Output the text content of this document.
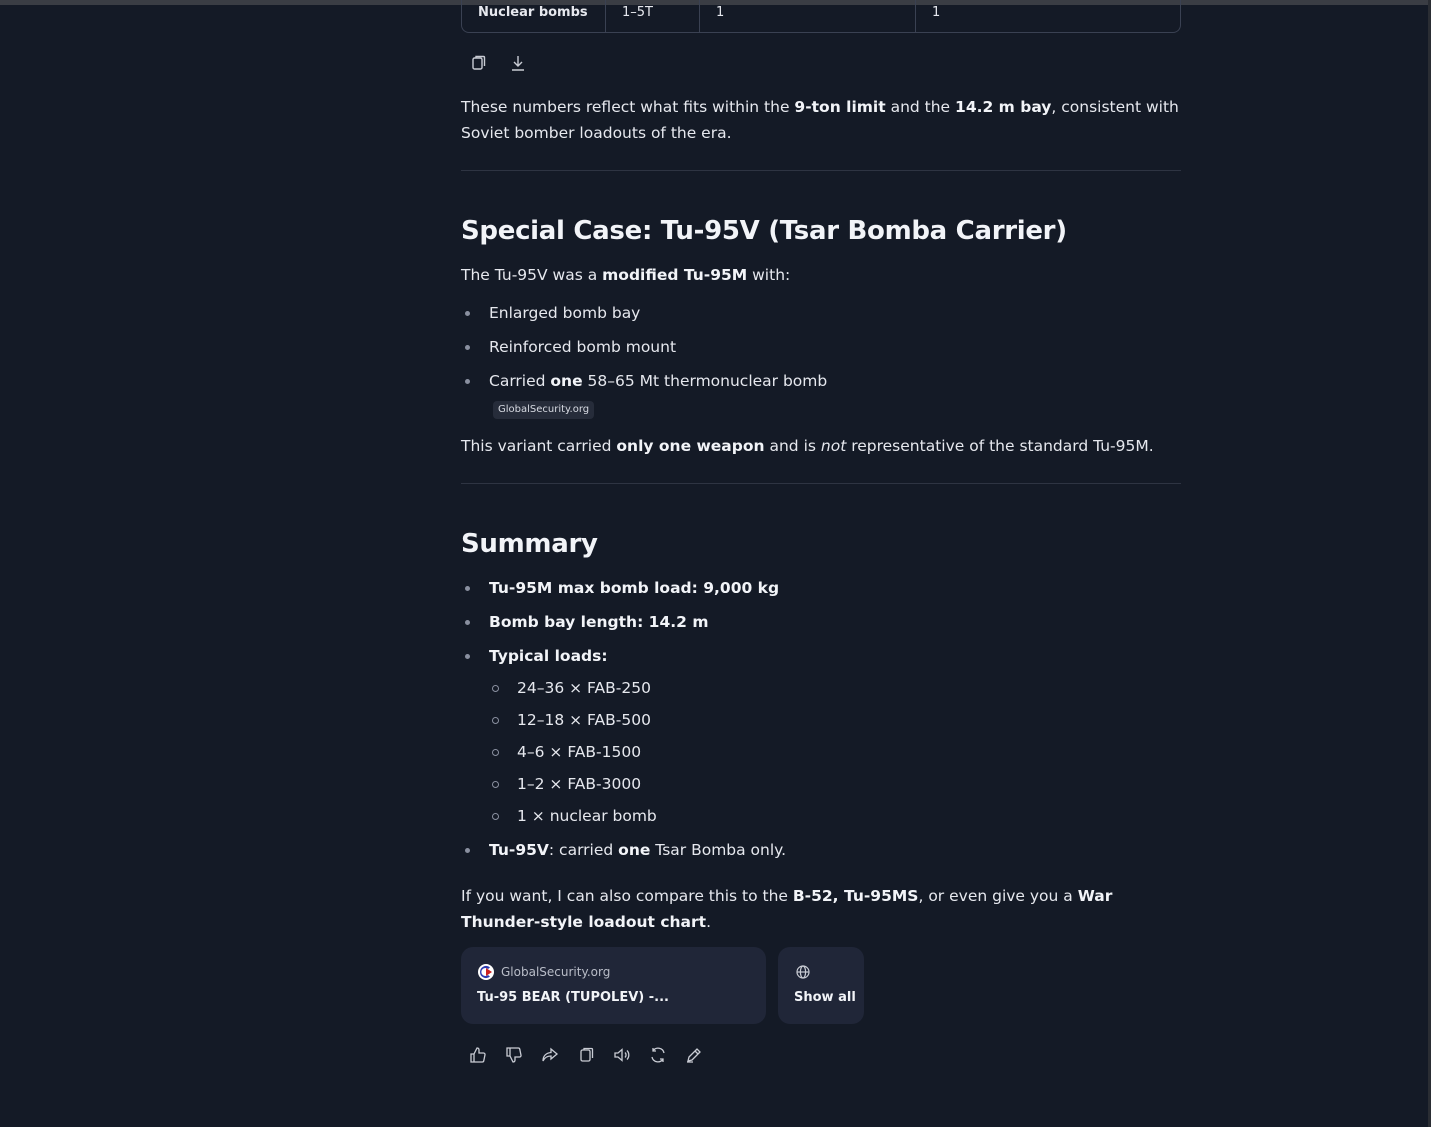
Nuclear bombs	1–5T	1	1

These numbers reflect what fits within the 9-ton limit and the 14.2 m bay, consistent with Soviet bomber loadouts of the era.

Special Case: Tu-95V (Tsar Bomba Carrier)

The Tu-95V was a modified Tu-95M with:

Enlarged bomb bay
Reinforced bomb mount
Carried one 58–65 Mt thermonuclear bomb
GlobalSecurity.org

This variant carried only one weapon and is not representative of the standard Tu-95M.

Summary
Tu-95M max bomb load: 9,000 kg
Bomb bay length: 14.2 m
Typical loads:
24–36 × FAB-250
12–18 × FAB-500
4–6 × FAB-1500
1–2 × FAB-3000
1 × nuclear bomb
Tu-95V: carried one Tsar Bomba only.

If you want, I can also compare this to the B-52, Tu-95MS, or even give you a War Thunder-style loadout chart.

GlobalSecurity.org
Tu-95 BEAR (TUPOLEV) -...	Show all
